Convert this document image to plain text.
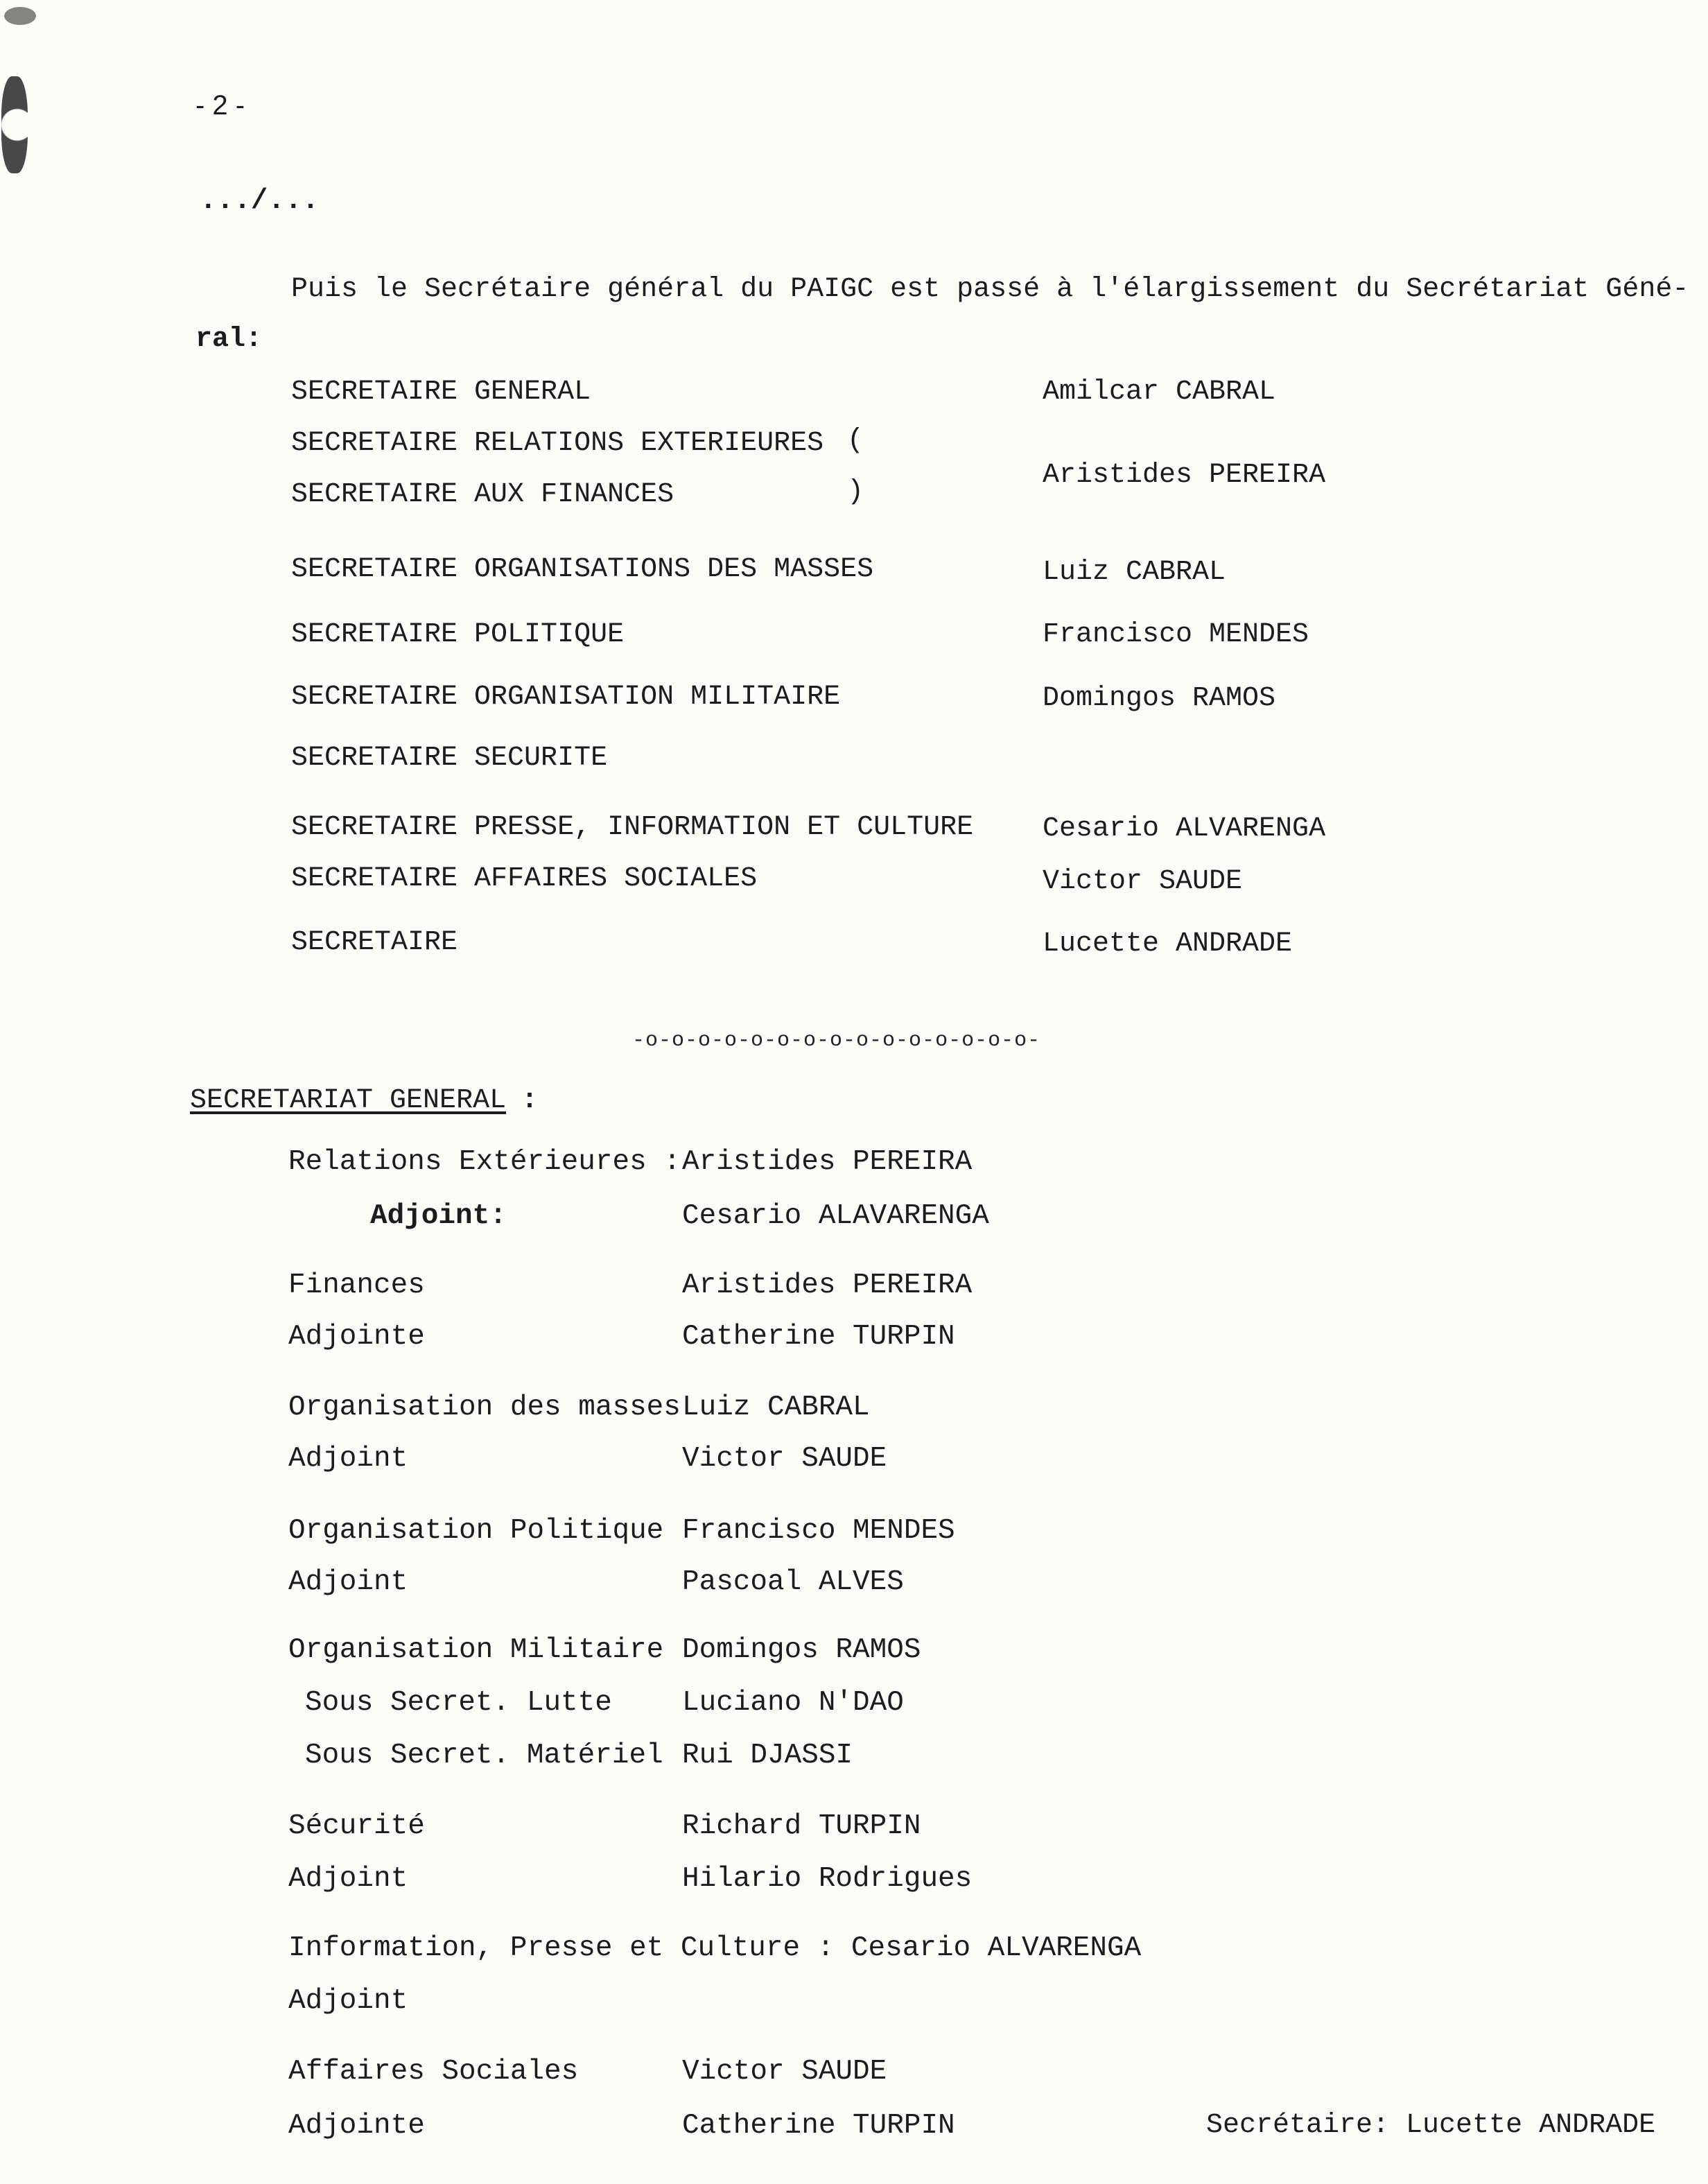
- 2 -
.../...
Puis le Secrétaire général du PAIGC est passé à l'élargissement du Secrétariat Géné-
ral:
SECRETAIRE GENERAL	Amilcar CABRAL
SECRETAIRE RELATIONS EXTERIEURES (
SECRETAIRE AUX FINANCES	)
Aristides PEREIRA
SECRETAIRE ORGANISATIONS DES MASSES	Luiz CABRAL
SECRETAIRE POLITIQUE	Francisco MENDES
SECRETAIRE ORGANISATION MILITAIRE	Domingos RAMOS
SECRETAIRE SECURITE
SECRETAIRE PRESSE, INFORMATION ET CULTURE Cesario ALVARENGA
SECRETAIRE AFFAIRES SOCIALES	Victor SAUDE
SECRETAIRE	Lucette ANDRADE
-o-o-o-o-o-o-o-o-o-o-o-o-o-o-o-
SECRETARIAT GENERAL :
Relations Extérieures : Aristides PEREIRA
Adjoint:	Cesario ALAVARENGA
Finances	Aristides PEREIRA
Adjointe	Catherine TURPIN
Organisation des masses Luiz CABRAL
Adjoint	Victor SAUDE
Organisation Politique Francisco MENDES
Adjoint	Pascoal ALVES
Organisation Militaire Domingos RAMOS
Sous Secret. Lutte Luciano N'DAO
Sous Secret. Matériel Rui DJASSI
Sécurité	Richard TURPIN
Adjoint	Hilario Rodrigues
Information, Presse et Culture : Cesario ALVARENGA
Adjoint
Affaires Sociales	Victor SAUDE
Adjointe	Catherine TURPIN	Secrétaire: Lucette ANDRADE
